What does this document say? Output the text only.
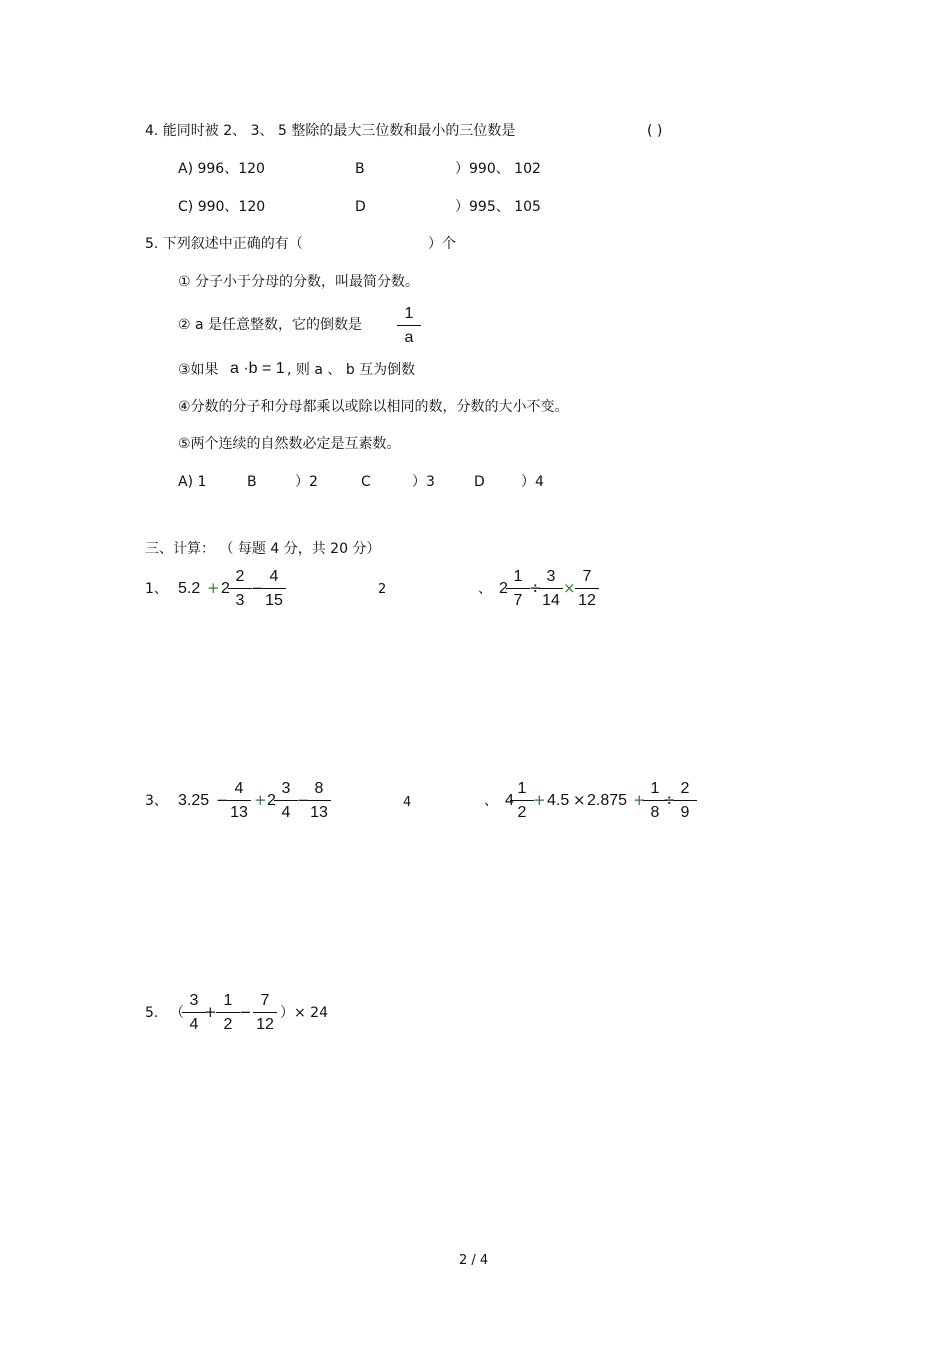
4. 能同时被 2、 3、 5 整除的最大三位数和最小的三位数是	( )
A) 996、120	B	）990、 102
C) 990、120	D	）995、 105
5. 下列叙述中正确的有（	）个
① 分子小于分母的分数，叫最简分数。
② a 是任意整数，它的倒数是 $\frac{1}{a}$
③如果 a ·b = 1 , 则 a 、 b 互为倒数
④分数的分子和分母都乘以或除以相同的数，分数的大小不变。
⑤两个连续的自然数必定是互素数。
A) 1	B	）2	C	）3	D	）4
三、计算： （ 每题 4 分，共 20 分）
1、 5.2 + 2
$\frac{2}{3}$ −
$\frac{4}{15}$	2	、 2
$\frac{1}{7}$ ÷
$\frac{3}{14} \times \frac{7}{12}$
3、 3.25 −
$\frac{4}{13} + 2$
$\frac{3}{4}$ −
$\frac{8}{13}$	4	、 4
$\frac{1}{2} + 4.5 \times 2.875$ +
$\frac{1}{8}$
÷
$\frac{2}{9}$
5. （
$\frac{3}{4}$
+ $\frac{1}{2} - \frac{7}{12}$ ）× 24
2 / 4
